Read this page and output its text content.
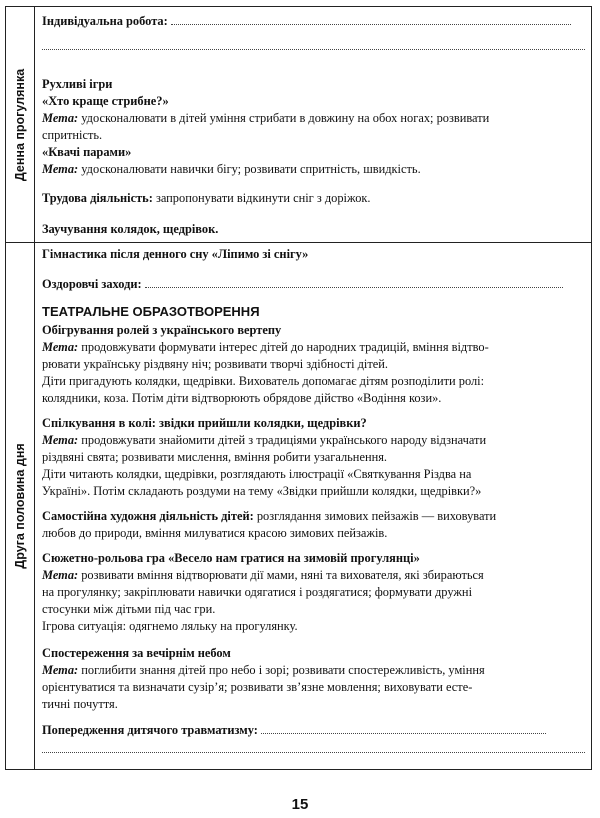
Денна прогулянка
Індивідуальна робота:
Рухливі ігри
«Хто краще стрибне?»
Мета: удосконалювати в дітей уміння стрибати в довжину на обох ногах; розвивати
спритність.
«Квачі парами»
Мета: удосконалювати навички бігу; розвивати спритність, швидкість.
Трудова діяльність: запропонувати відкинути сніг з доріжок.
Заучування колядок, щедрівок.
Друга половина дня
Гімнастика після денного сну «Ліпимо зі снігу»
Оздоровчі заходи:
ТЕАТРАЛЬНЕ ОБРАЗОТВОРЕННЯ
Обігрування ролей з українського вертепу
Мета: продовжувати формувати інтерес дітей до народних традицій, вміння відтво-
рювати українську різдвяну ніч; розвивати творчі здібності дітей.
Діти пригадують колядки, щедрівки. Вихователь допомагає дітям розподілити ролі:
колядники, коза. Потім діти відтворюють обрядове дійство «Водіння кози».
Спілкування в колі: звідки прийшли колядки, щедрівки?
Мета: продовжувати знайомити дітей з традиціями українського народу відзначати
різдвяні свята; розвивати мислення, вміння робити узагальнення.
Діти читають колядки, щедрівки, розглядають ілюстрації «Святкування Різдва на
Україні». Потім складають роздуми на тему «Звідки прийшли колядки, щедрівки?»
Самостійна художня діяльність дітей: розглядання зимових пейзажів — виховувати
любов до природи, вміння милуватися красою зимових пейзажів.
Сюжетно-рольова гра «Весело нам гратися на зимовій прогулянці»
Мета: розвивати вміння відтворювати дії мами, няні та вихователя, які збираються
на прогулянку; закріплювати навички одягатися і роздягатися; формувати дружні
стосунки між дітьми під час гри.
Ігрова ситуація: одягнемо ляльку на прогулянку.
Спостереження за вечірнім небом
Мета: поглибити знання дітей про небо і зорі; розвивати спостережливість, уміння
орієнтуватися та визначати сузір’я; розвивати зв’язне мовлення; виховувати есте-
тичні почуття.
Попередження дитячого травматизму:
15
